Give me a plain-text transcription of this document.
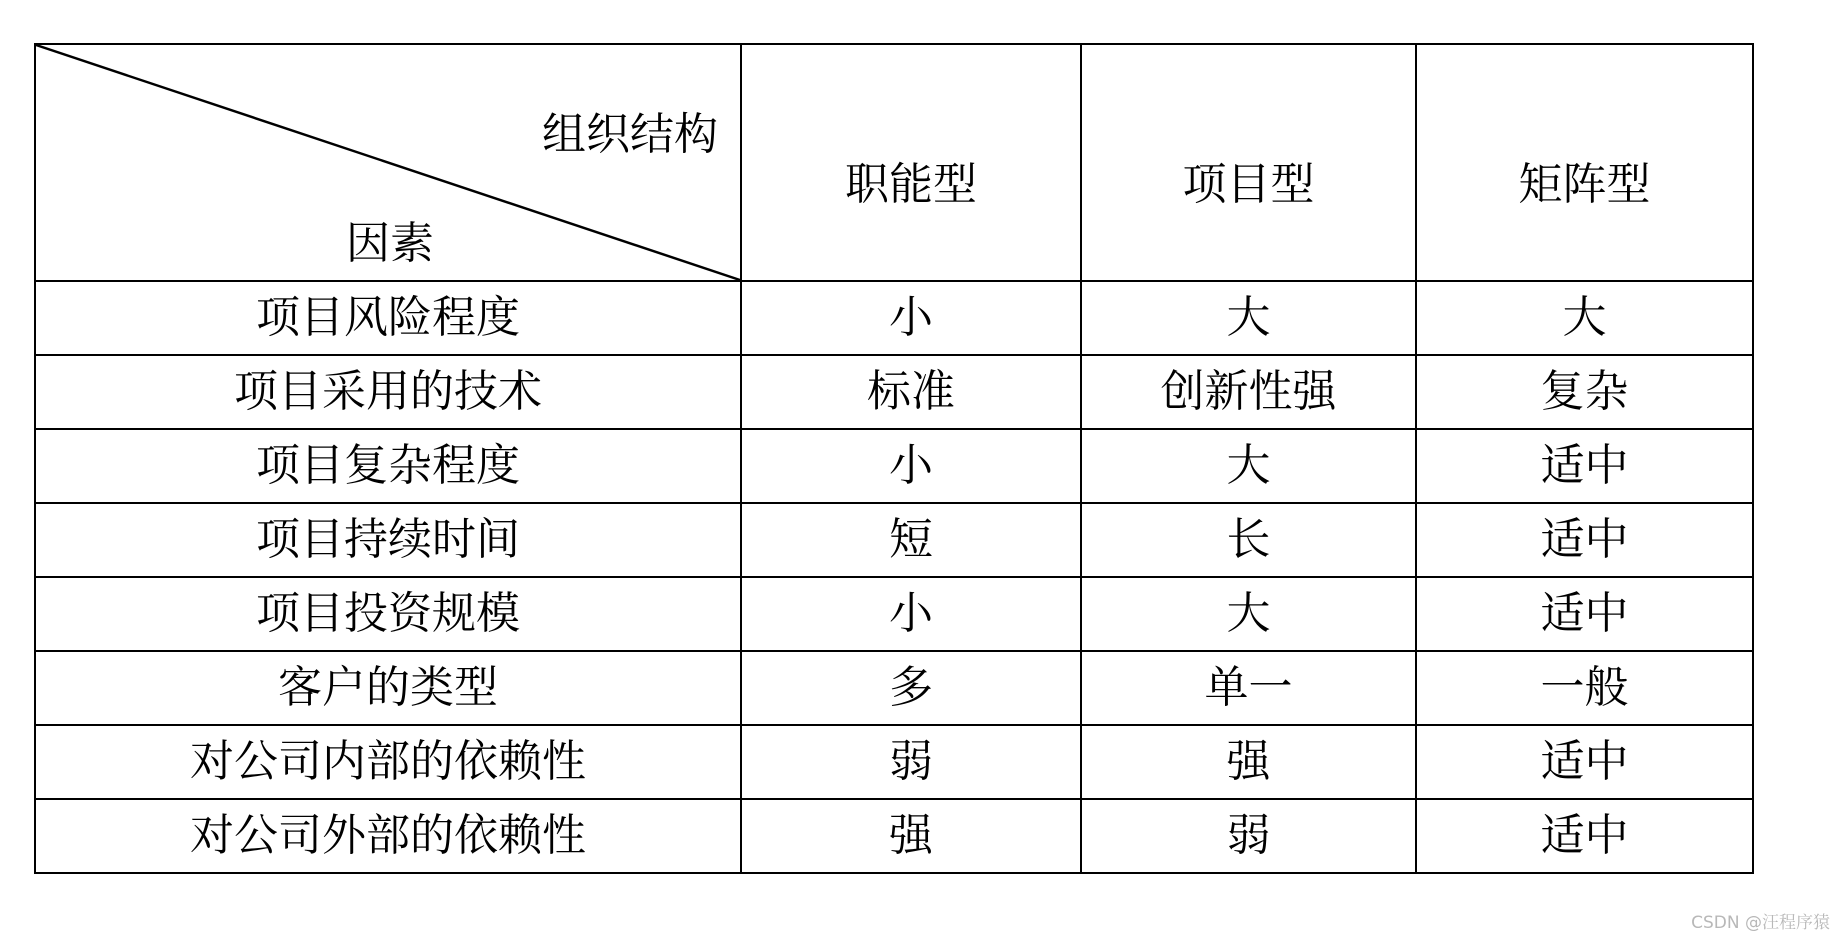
组织结构
因素	职能型	项目型	矩阵型
项目风险程度	小	大	大
项目采用的技术	标准	创新性强	复杂
项目复杂程度	小	大	适中
项目持续时间	短	长	适中
项目投资规模	小	大	适中
客户的类型	多	单一	一般
对公司内部的依赖性	弱	强	适中
对公司外部的依赖性	强	弱	适中
CSDN @汪程序猿
